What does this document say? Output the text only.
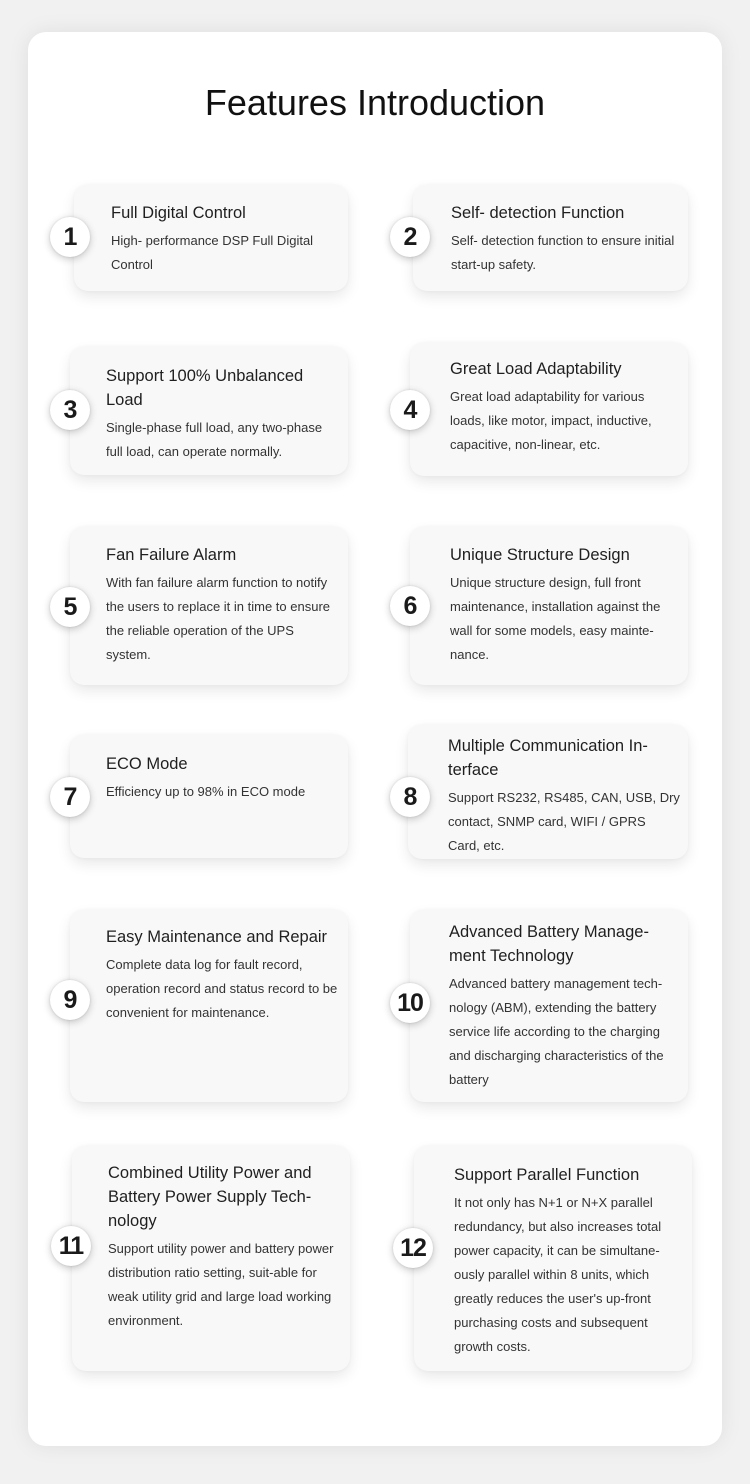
Features Introduction
1

Full Digital Control

High- performance DSP Full Digital Control

2

Self- detection Function

Self- detection function to ensure initial start-up safety.

3

Support 100% Unbalanced Load

Single-phase full load, any two-phase full load, can operate normally.

4

Great Load Adaptability

Great load adaptability for various loads, like motor, impact, inductive, capacitive, non-linear, etc.

5

Fan Failure Alarm

With fan failure alarm function to notify the users to replace it in time to ensure the reliable operation of the UPS system.

6

Unique Structure Design

Unique structure design, full front maintenance, installation against the wall for some models, easy mainte-nance.

7

ECO Mode

Efficiency up to 98% in ECO mode	8

Multiple Communication In-terface

Support RS232, RS485, CAN, USB, Dry contact, SNMP card, WIFI / GPRS Card, etc.

9

Easy Maintenance and Repair

Complete data log for fault record, operation record and status record to be convenient for maintenance.	10

Advanced Battery Manage-ment Technology

Advanced battery management tech-nology (ABM), extending the battery service life according to the charging and discharging characteristics of the battery

11

Combined Utility Power and Battery Power Supply Tech-nology

Support utility power and battery power distribution ratio setting, suit-able for weak utility grid and large load working environment.

12

Support Parallel Function

It not only has N+1 or N+X parallel redundancy, but also increases total power capacity, it can be simultane-ously parallel within 8 units, which greatly reduces the user's up-front purchasing costs and subsequent growth costs.
